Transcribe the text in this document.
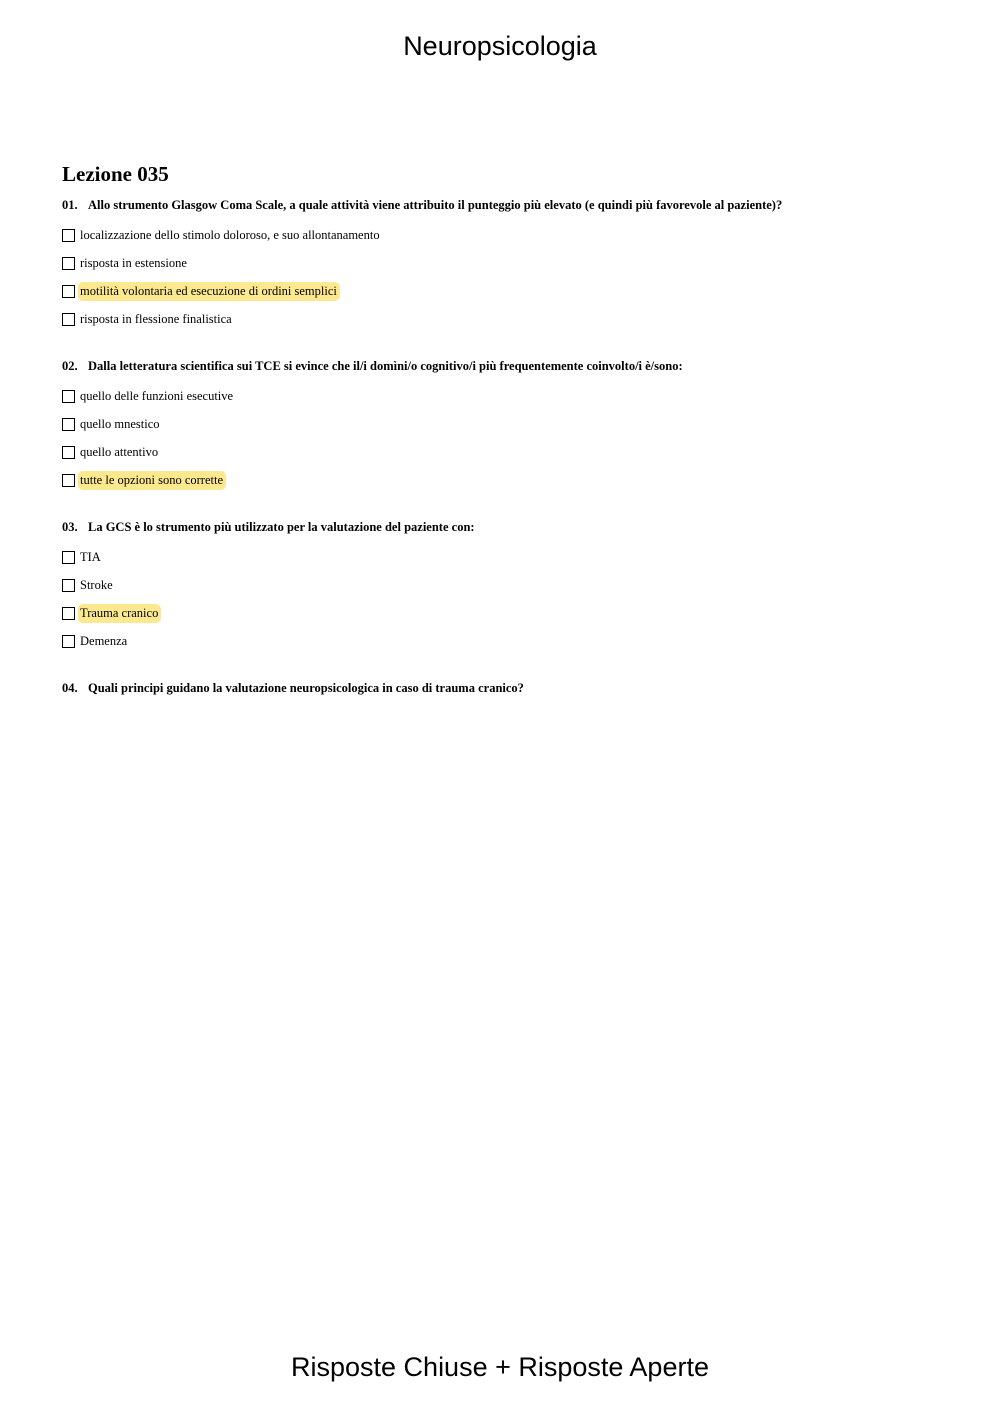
Neuropsicologia
Lezione 035
01. Allo strumento Glasgow Coma Scale, a quale attività viene attribuito il punteggio più elevato (e quindi più favorevole al paziente)?
localizzazione dello stimolo doloroso, e suo allontanamento
risposta in estensione
motilità volontaria ed esecuzione di ordini semplici
risposta in flessione finalistica
02. Dalla letteratura scientifica sui TCE si evince che il/i domìni/o cognitivo/i più frequentemente coinvolto/i è/sono:
quello delle funzioni esecutive
quello mnestico
quello attentivo
tutte le opzioni sono corrette
03. La GCS è lo strumento più utilizzato per la valutazione del paziente con:
TIA
Stroke
Trauma cranico
Demenza
04. Quali principi guidano la valutazione neuropsicologica in caso di trauma cranico?
Risposte Chiuse + Risposte Aperte
